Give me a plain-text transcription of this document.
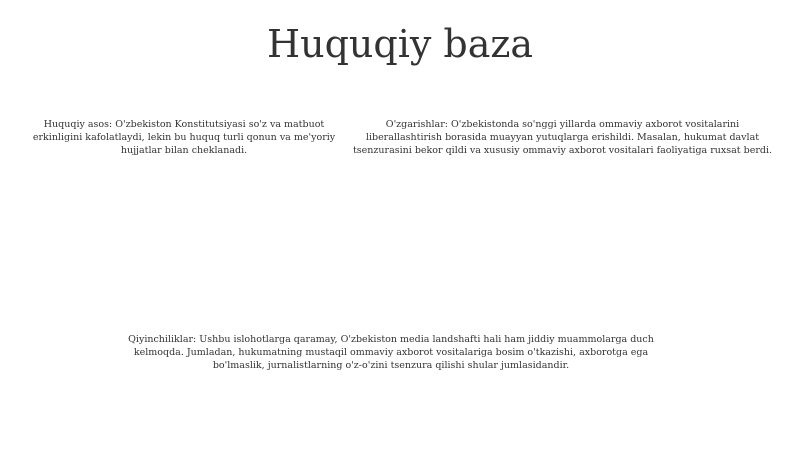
Huquqiy baza

Huquqiy asos: O'zbekiston Konstitutsiyasi so'z va matbuot erkinligini kafolatlaydi, lekin bu huquq turli qonun va me'yoriy hujjatlar bilan cheklanadi.

O'zgarishlar: O'zbekistonda so'nggi yillarda ommaviy axborot vositalarini liberallashtirish borasida muayyan yutuqlarga erishildi. Masalan, hukumat davlat tsenzurasini bekor qildi va xususiy ommaviy axborot vositalari faoliyatiga ruxsat berdi.

Qiyinchiliklar: Ushbu islohotlarga qaramay, O'zbekiston media landshafti hali ham jiddiy muammolarga duch kelmoqda. Jumladan, hukumatning mustaqil ommaviy axborot vositalariga bosim o'tkazishi, axborotga ega bo'lmaslik, jurnalistlarning o'z-o'zini tsenzura qilishi shular jumlasidandir.
